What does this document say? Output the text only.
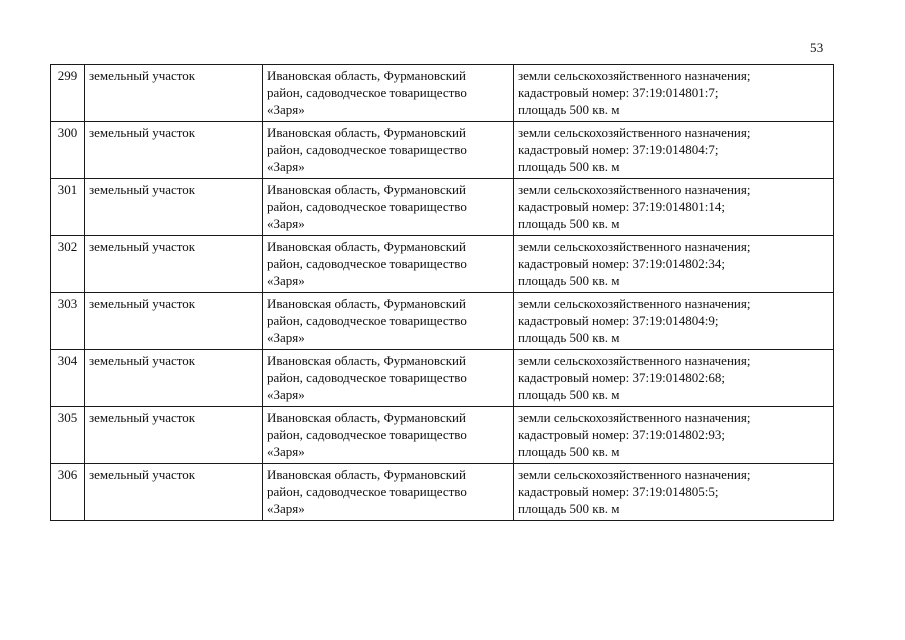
53
299	земельный участок	Ивановская область, Фурмановский
район, садоводческое товарищество
«Заря»	земли сельскохозяйственного назначения;
кадастровый номер: 37:19:014801:7;
площадь 500 кв. м

300	земельный участок	Ивановская область, Фурмановский
район, садоводческое товарищество
«Заря»	земли сельскохозяйственного назначения;
кадастровый номер: 37:19:014804:7;
площадь 500 кв. м

301	земельный участок	Ивановская область, Фурмановский
район, садоводческое товарищество
«Заря»	земли сельскохозяйственного назначения;
кадастровый номер: 37:19:014801:14;
площадь 500 кв. м

302	земельный участок	Ивановская область, Фурмановский
район, садоводческое товарищество
«Заря»	земли сельскохозяйственного назначения;
кадастровый номер: 37:19:014802:34;
площадь 500 кв. м

303	земельный участок	Ивановская область, Фурмановский
район, садоводческое товарищество
«Заря»	земли сельскохозяйственного назначения;
кадастровый номер: 37:19:014804:9;
площадь 500 кв. м

304	земельный участок	Ивановская область, Фурмановский
район, садоводческое товарищество
«Заря»	земли сельскохозяйственного назначения;
кадастровый номер: 37:19:014802:68;
площадь 500 кв. м

305	земельный участок	Ивановская область, Фурмановский
район, садоводческое товарищество
«Заря»	земли сельскохозяйственного назначения;
кадастровый номер: 37:19:014802:93;
площадь 500 кв. м

306	земельный участок	Ивановская область, Фурмановский
район, садоводческое товарищество
«Заря»	земли сельскохозяйственного назначения;
кадастровый номер: 37:19:014805:5;
площадь 500 кв. м
